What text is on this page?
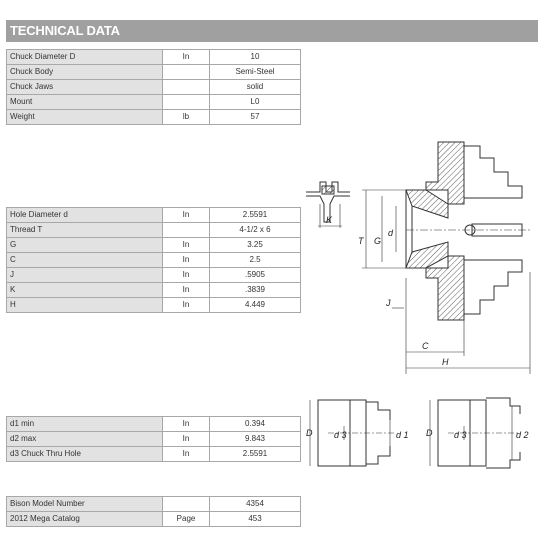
TECHNICAL DATA
Chuck Diameter D	In	10
Chuck Body		Semi-Steel
Chuck Jaws		solid
Mount		L0
Weight	lb	57
Hole Diameter d	In	2.5591
Thread T		4-1/2 x 6
G	In	3.25
C	In	2.5
J	In	.5905
K	In	.3839
H	In	4.449
d1 min	In	0.394
d2 max	In	9.843
d3 Chuck Thru Hole	In	2.5591
Bison Model Number		4354
2012 Mega Catalog	Page	453
K
T G
d
J
C
H
D d 3	d 1 D d 3	d 2
